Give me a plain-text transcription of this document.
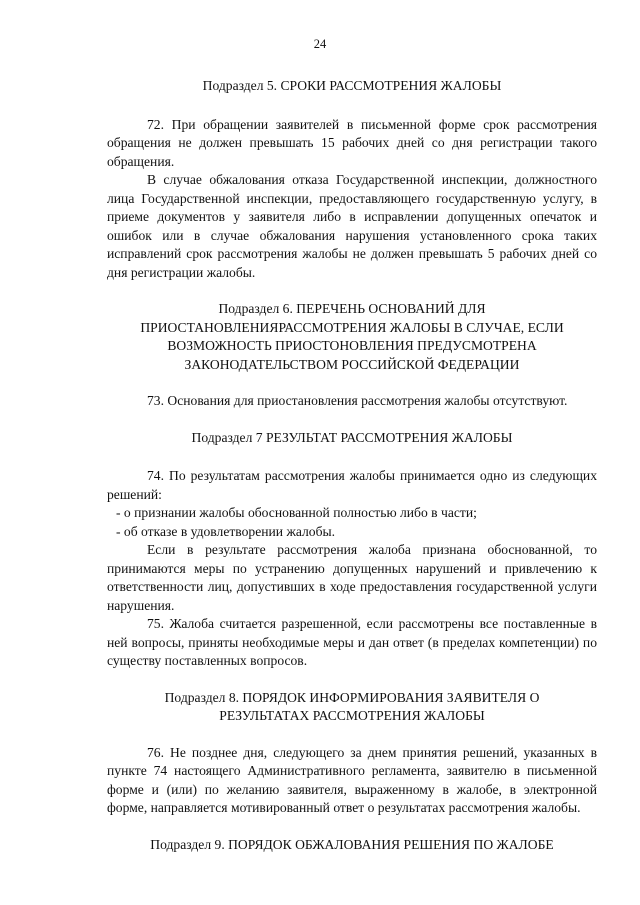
24

Подраздел 5. СРОКИ РАССМОТРЕНИЯ ЖАЛОБЫ

72. При обращении заявителей в письменной форме срок рассмотрения обращения не должен превышать 15 рабочих дней со дня регистрации такого обращения.

В случае обжалования отказа Государственной инспекции, должностного лица Государственной инспекции, предоставляющего государственную услугу, в приеме документов у заявителя либо в исправлении допущенных опечаток и ошибок или в случае обжалования нарушения установленного срока таких исправлений срок рассмотрения жалобы не должен превышать 5 рабочих дней со дня регистрации жалобы.

Подраздел 6. ПЕРЕЧЕНЬ ОСНОВАНИЙ ДЛЯ

ПРИОСТАНОВЛЕНИЯРАССМОТРЕНИЯ ЖАЛОБЫ В СЛУЧАЕ, ЕСЛИ

ВОЗМОЖНОСТЬ ПРИОСТОНОВЛЕНИЯ ПРЕДУСМОТРЕНА

ЗАКОНОДАТЕЛЬСТВОМ РОССИЙСКОЙ ФЕДЕРАЦИИ

73. Основания для приостановления рассмотрения жалобы отсутствуют.

Подраздел 7 РЕЗУЛЬТАТ РАССМОТРЕНИЯ ЖАЛОБЫ

74. По результатам рассмотрения жалобы принимается одно из следующих решений:

- о признании жалобы обоснованной полностью либо в части;

- об отказе в удовлетворении жалобы.

Если в результате рассмотрения жалоба признана обоснованной, то принимаются меры по устранению допущенных нарушений и привлечению к ответственности лиц, допустивших в ходе предоставления государственной услуги нарушения.

75. Жалоба считается разрешенной, если рассмотрены все поставленные в ней вопросы, приняты необходимые меры и дан ответ (в пределах компетенции) по существу поставленных вопросов.

Подраздел 8. ПОРЯДОК ИНФОРМИРОВАНИЯ ЗАЯВИТЕЛЯ О

РЕЗУЛЬТАТАХ РАССМОТРЕНИЯ ЖАЛОБЫ

76. Не позднее дня, следующего за днем принятия решений, указанных в пункте 74 настоящего Административного регламента, заявителю в письменной форме и (или) по желанию заявителя, выраженному в жалобе, в электронной форме, направляется мотивированный ответ о результатах рассмотрения жалобы.

Подраздел 9. ПОРЯДОК ОБЖАЛОВАНИЯ РЕШЕНИЯ ПО ЖАЛОБЕ
